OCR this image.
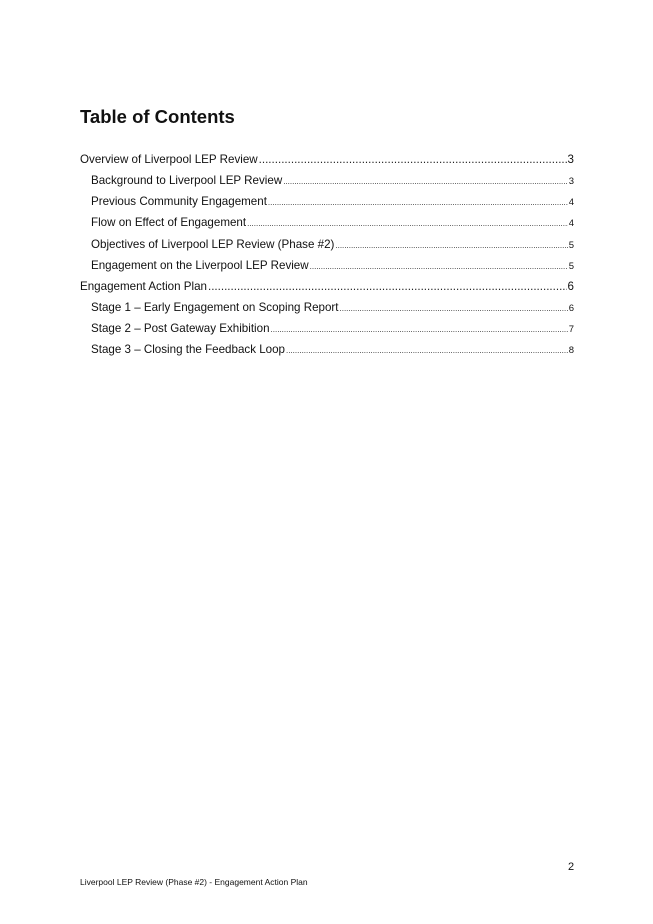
Table of Contents
Overview of Liverpool LEP Review .....	3
Background to Liverpool LEP Review .....	3
Previous Community Engagement .....	4
Flow on Effect of Engagement .....	4
Objectives of Liverpool LEP Review (Phase #2) .....	5
Engagement on the Liverpool LEP Review .....	5
Engagement Action Plan .....	6
Stage 1 – Early Engagement on Scoping Report .....	6
Stage 2 – Post Gateway Exhibition .....	7
Stage 3 – Closing the Feedback Loop .....	8
2
Liverpool LEP Review (Phase #2) - Engagement Action Plan
